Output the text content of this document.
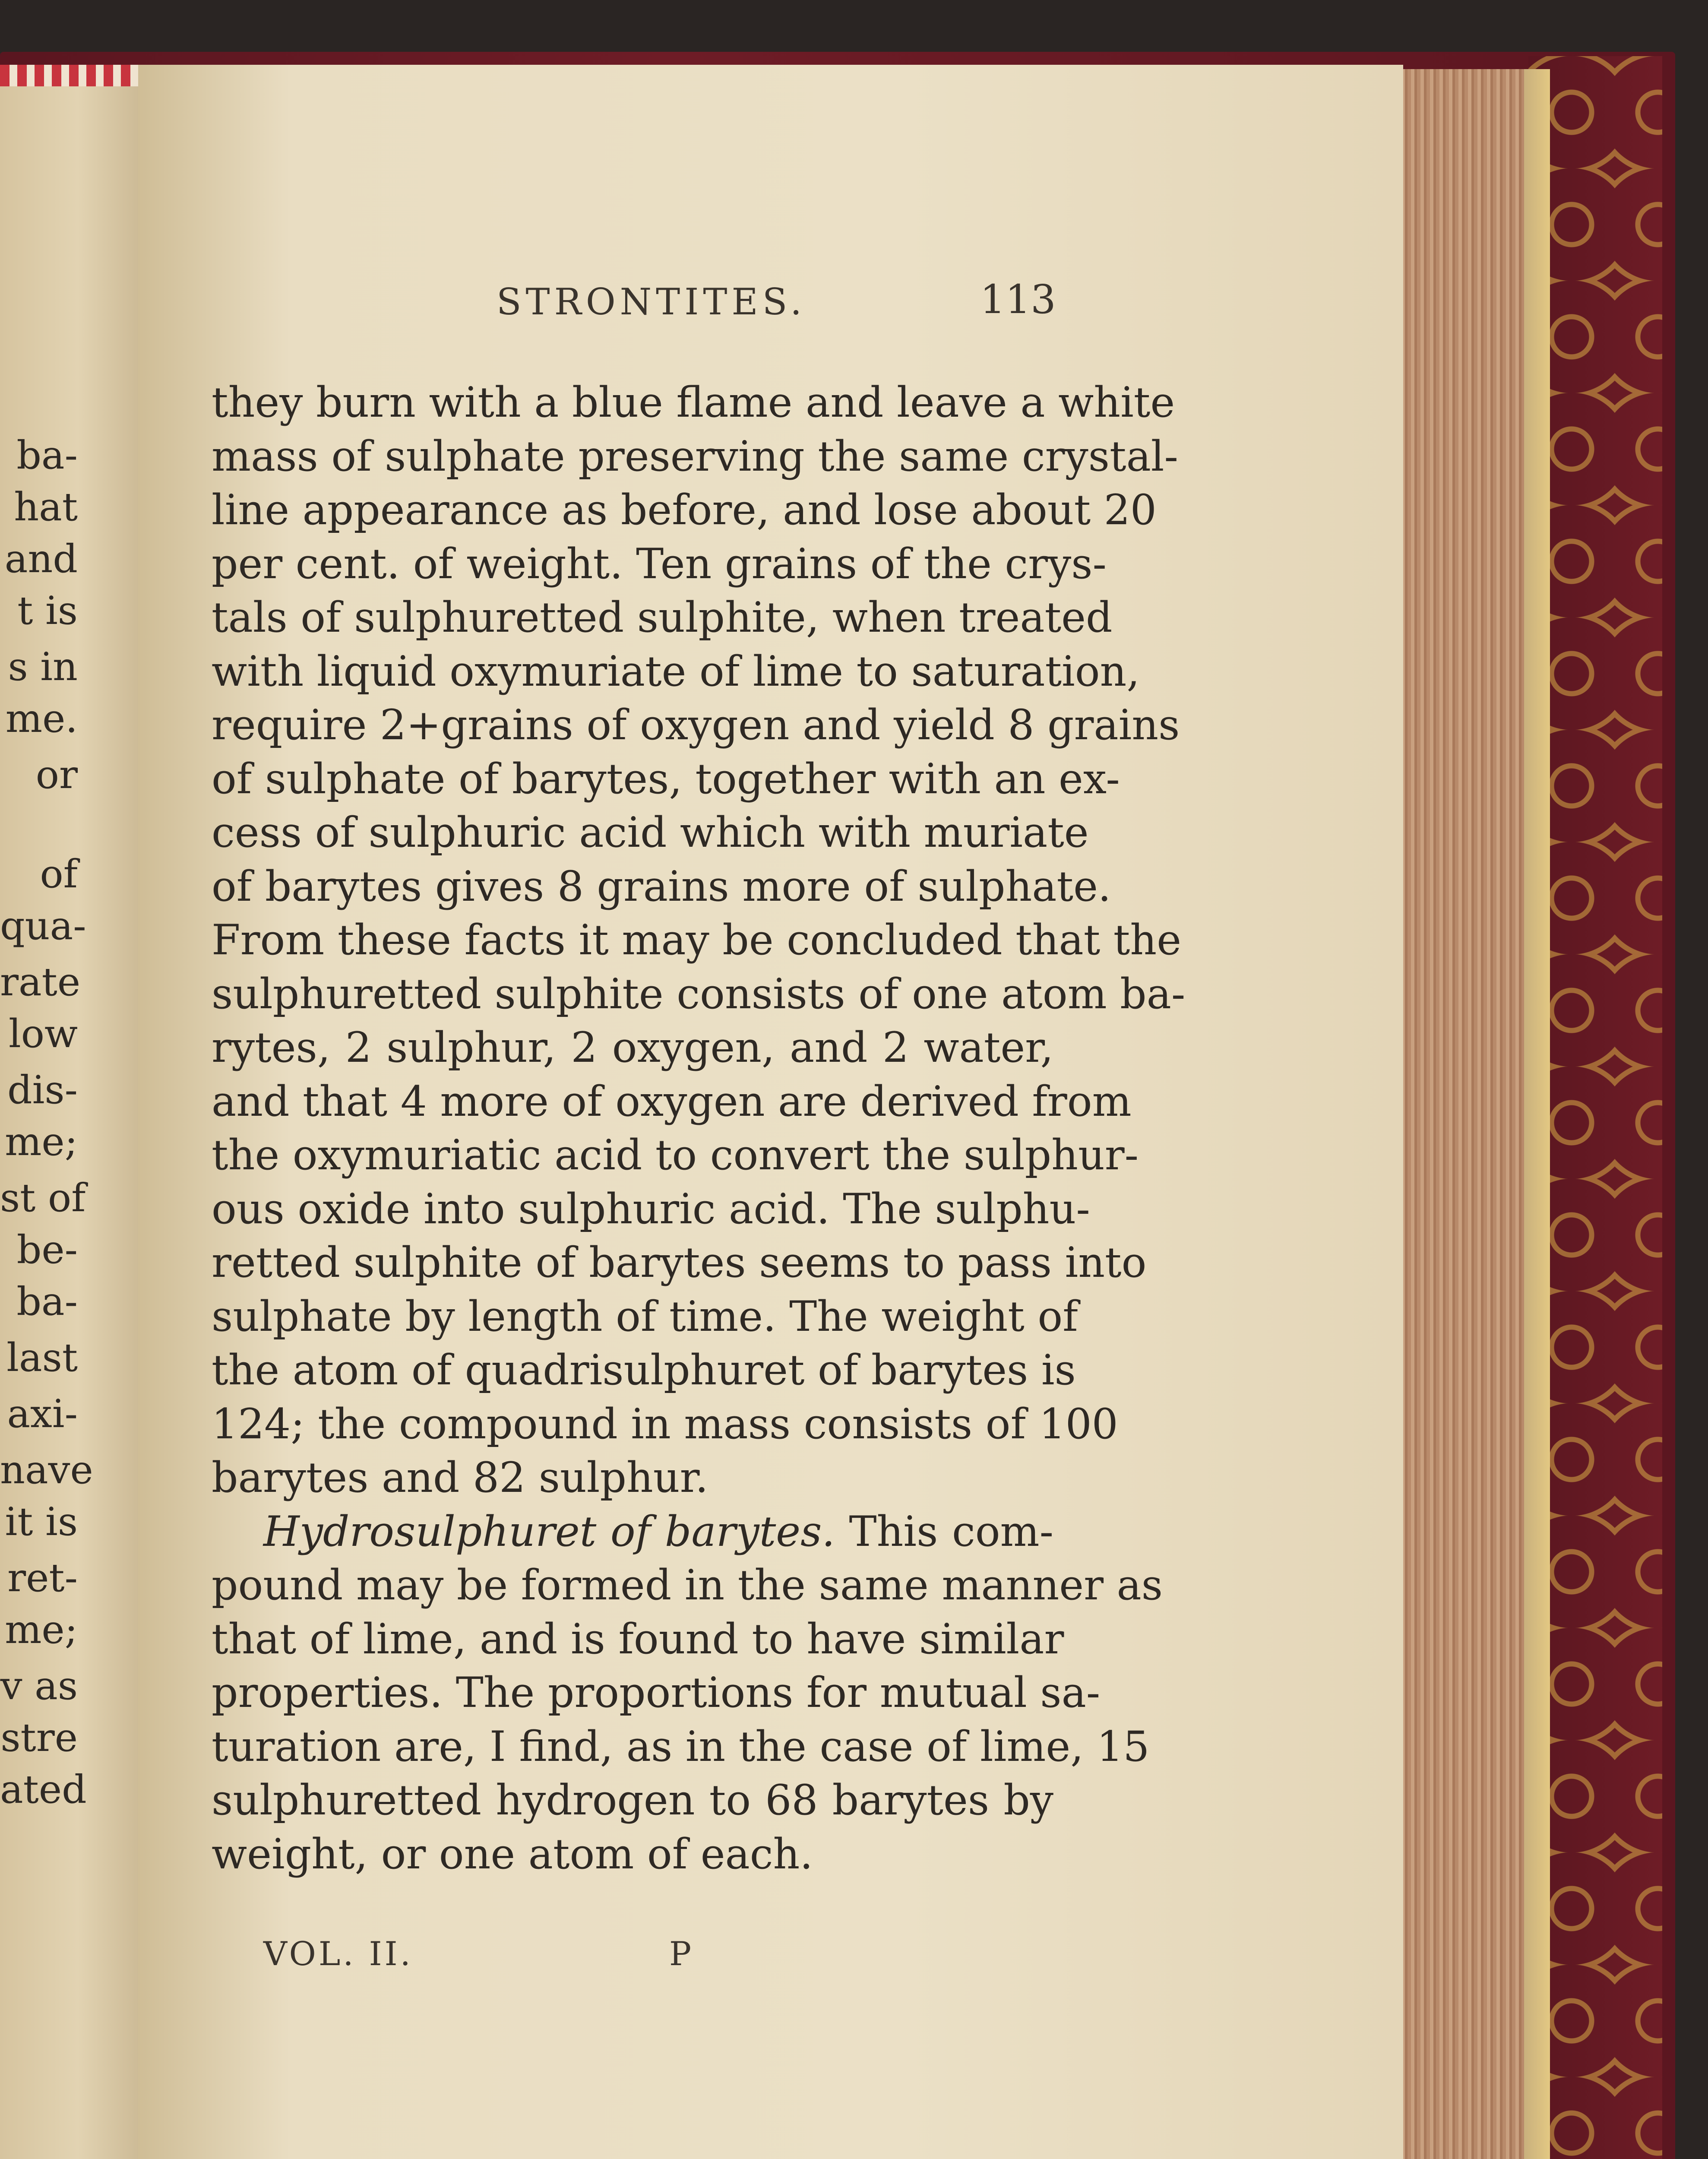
ba-
hat
and
t is
s in
me.
or
of
qua-
rate
low
dis-
me;
st of
be-
ba-
last
axi-
nave
it is
ret-
me;
v as
stre
ated
STRONTITES.	113
they burn with a blue flame and leave a white
mass of sulphate preserving the same crystal-
line appearance as before, and lose about 20
per cent. of weight. Ten grains of the crys-
tals of sulphuretted sulphite, when treated
with liquid oxymuriate of lime to saturation,
require 2+grains of oxygen and yield 8 grains
of sulphate of barytes, together with an ex-
cess of sulphuric acid which with muriate
of barytes gives 8 grains more of sulphate.
From these facts it may be concluded that the
sulphuretted sulphite consists of one atom ba-
rytes, 2 sulphur, 2 oxygen, and 2 water,
and that 4 more of oxygen are derived from
the oxymuriatic acid to convert the sulphur-
ous oxide into sulphuric acid. The sulphu-
retted sulphite of barytes seems to pass into
sulphate by length of time. The weight of
the atom of quadrisulphuret of barytes is
124; the compound in mass consists of 100
barytes and 82 sulphur.
Hydrosulphuret of barytes. This com-
pound may be formed in the same manner as
that of lime, and is found to have similar
properties. The proportions for mutual sa-
turation are, I find, as in the case of lime, 15
sulphuretted hydrogen to 68 barytes by
weight, or one atom of each.
VOL. II.	P
